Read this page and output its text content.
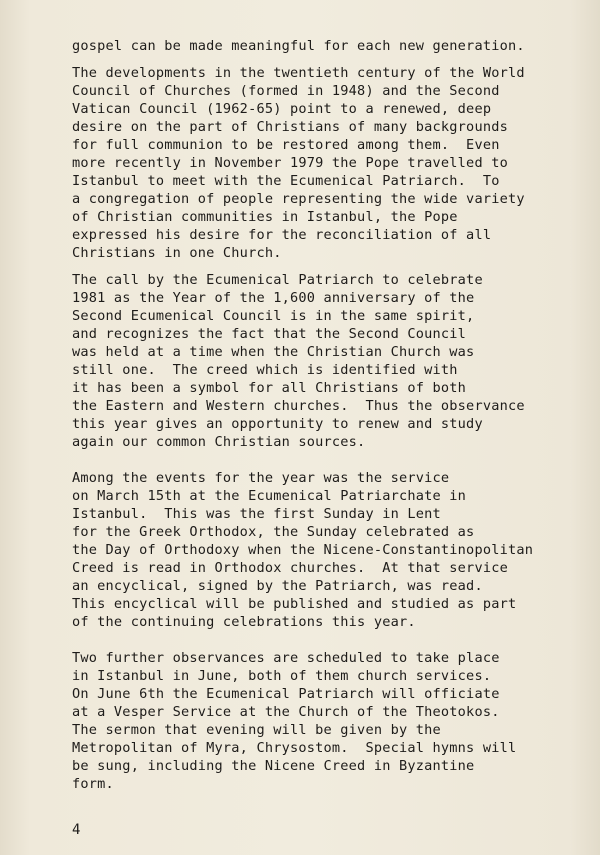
gospel can be made meaningful for each new generation.
The developments in the twentieth century of the World
Council of Churches (formed in 1948) and the Second
Vatican Council (1962-65) point to a renewed, deep
desire on the part of Christians of many backgrounds
for full communion to be restored among them.  Even
more recently in November 1979 the Pope travelled to
Istanbul to meet with the Ecumenical Patriarch.  To
a congregation of people representing the wide variety
of Christian communities in Istanbul, the Pope
expressed his desire for the reconciliation of all
Christians in one Church.
The call by the Ecumenical Patriarch to celebrate
1981 as the Year of the 1,600 anniversary of the
Second Ecumenical Council is in the same spirit,
and recognizes the fact that the Second Council
was held at a time when the Christian Church was
still one.  The creed which is identified with
it has been a symbol for all Christians of both
the Eastern and Western churches.  Thus the observance
this year gives an opportunity to renew and study
again our common Christian sources.
Among the events for the year was the service
on March 15th at the Ecumenical Patriarchate in
Istanbul.  This was the first Sunday in Lent
for the Greek Orthodox, the Sunday celebrated as
the Day of Orthodoxy when the Nicene-Constantinopolitan
Creed is read in Orthodox churches.  At that service
an encyclical, signed by the Patriarch, was read.
This encyclical will be published and studied as part
of the continuing celebrations this year.
Two further observances are scheduled to take place
in Istanbul in June, both of them church services.
On June 6th the Ecumenical Patriarch will officiate
at a Vesper Service at the Church of the Theotokos.
The sermon that evening will be given by the
Metropolitan of Myra, Chrysostom.  Special hymns will
be sung, including the Nicene Creed in Byzantine
form.
4
